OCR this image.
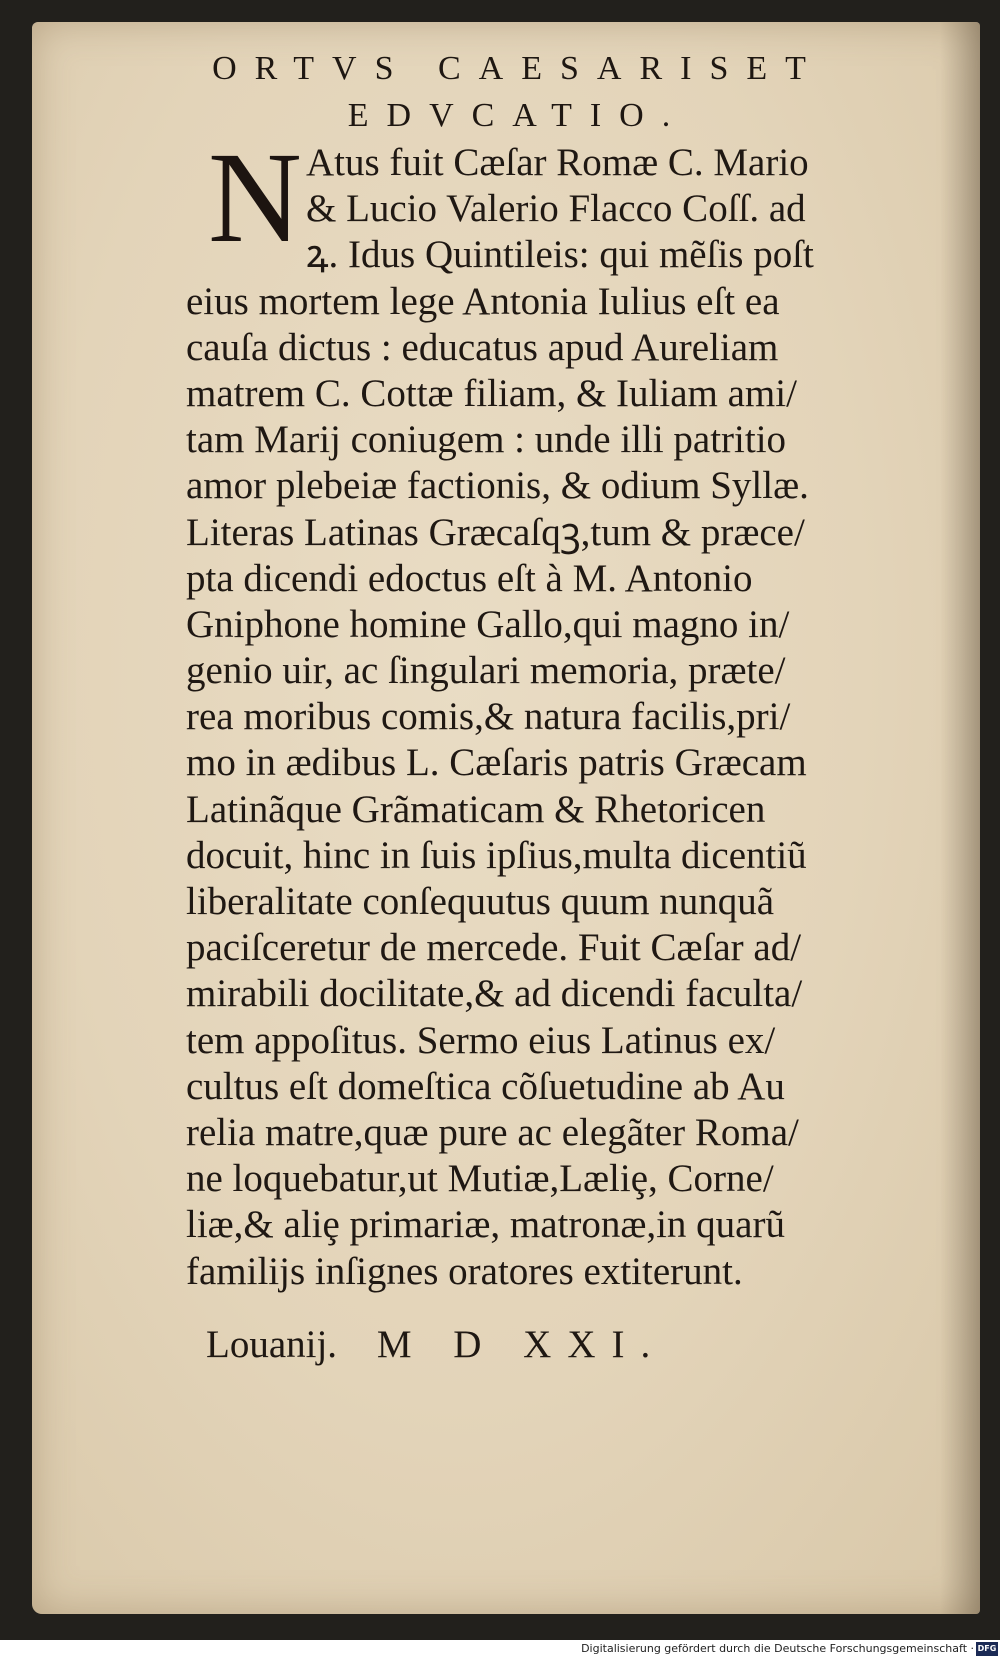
ORTVS CAESARISET
EDVCATIO.
N Atus fuit Cæſar Romæ C. Mario

& Lucio Valerio Flacco Coſſ. ad

ꝝ. Idus Quintileis: qui mẽſis poſt

eius mortem lege Antonia Iulius eſt ea

cauſa dictus : educatus apud Aureliam

matrem C. Cottæ filiam, & Iuliam ami/

tam Marij coniugem : unde illi patritio

amor plebeiæ factionis, & odium Syllæ.

Literas Latinas Græcaſqꝫ,tum & præce/

pta dicendi edoctus eſt à M. Antonio

Gniphone homine Gallo,qui magno in/

genio uir, ac ſingulari memoria, præte/

rea moribus comis,& natura facilis,pri/

mo in ædibus L. Cæſaris patris Græcam

Latinãque Grãmaticam & Rhetoricen

docuit, hinc in ſuis ipſius,multa dicentiũ

liberalitate conſequutus quum nunquã

paciſceretur de mercede. Fuit Cæſar ad/

mirabili docilitate,& ad dicendi faculta/

tem appoſitus. Sermo eius Latinus ex/

cultus eſt domeſtica cõſuetudine ab Au

relia matre,quæ pure ac elegãter Roma/

ne loquebatur,ut Mutiæ,Læliȩ, Corne/

liæ,& aliȩ primariæ, matronæ,in quarũ

familijs inſignes oratores extiterunt.

Louanij. M D XXI.
Digitalisierung gefördert durch die Deutsche Forschungsgemeinschaft · DFG
